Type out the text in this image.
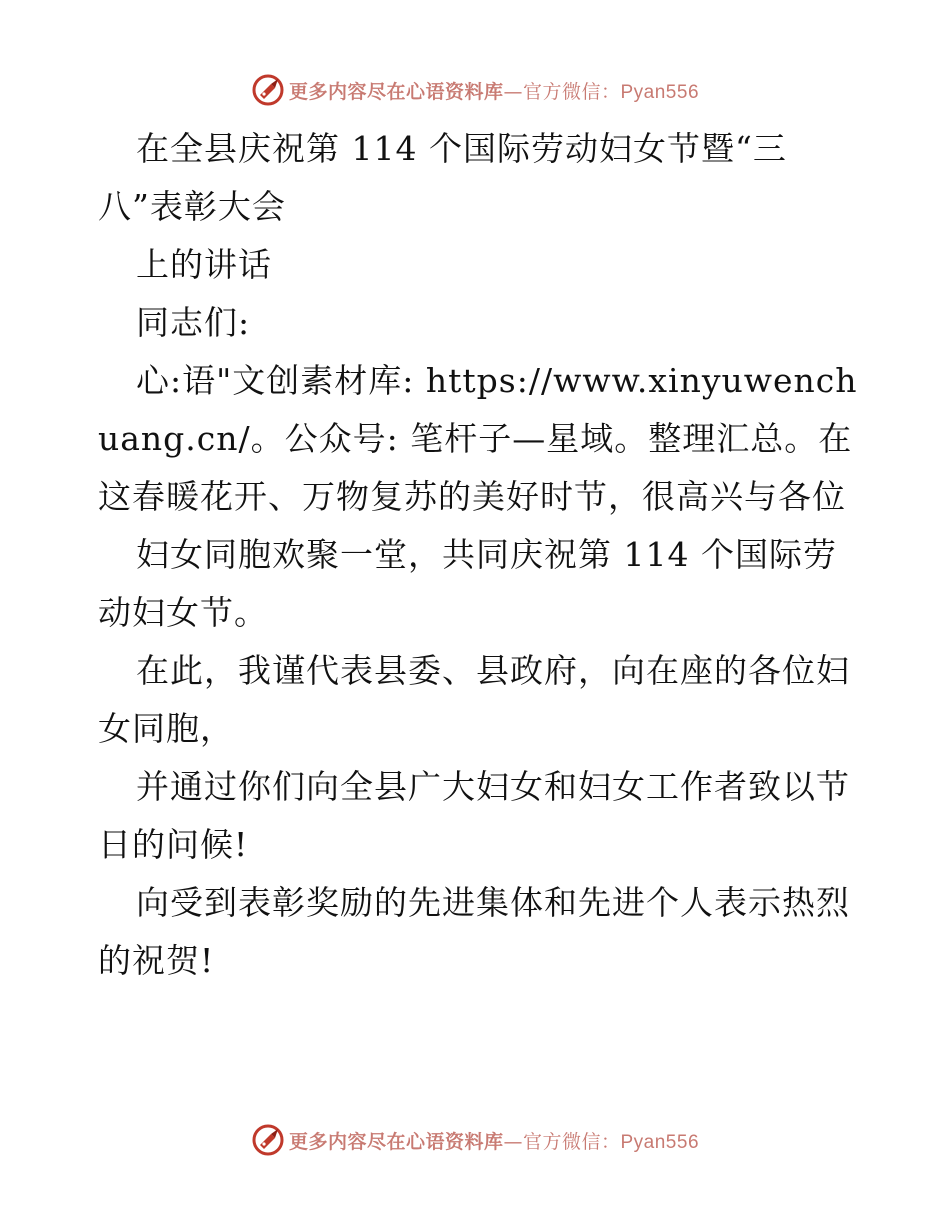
更多内容尽在心语资料库—官方微信：Pyan556

在全县庆祝第 114 个国际劳动妇女节暨“三八”表彰大会

上的讲话

同志们:

心:语"文创素材库: https://www.xinyuwenchuang.cn/。公众号: 笔杆子—星域。整理汇总。在这春暖花开、万物复苏的美好时节，很高兴与各位

妇女同胞欢聚一堂，共同庆祝第 114 个国际劳动妇女节。

在此，我谨代表县委、县政府，向在座的各位妇女同胞，

并通过你们向全县广大妇女和妇女工作者致以节日的问候!

向受到表彰奖励的先进集体和先进个人表示热烈的祝贺!

更多内容尽在心语资料库—官方微信：Pyan556
